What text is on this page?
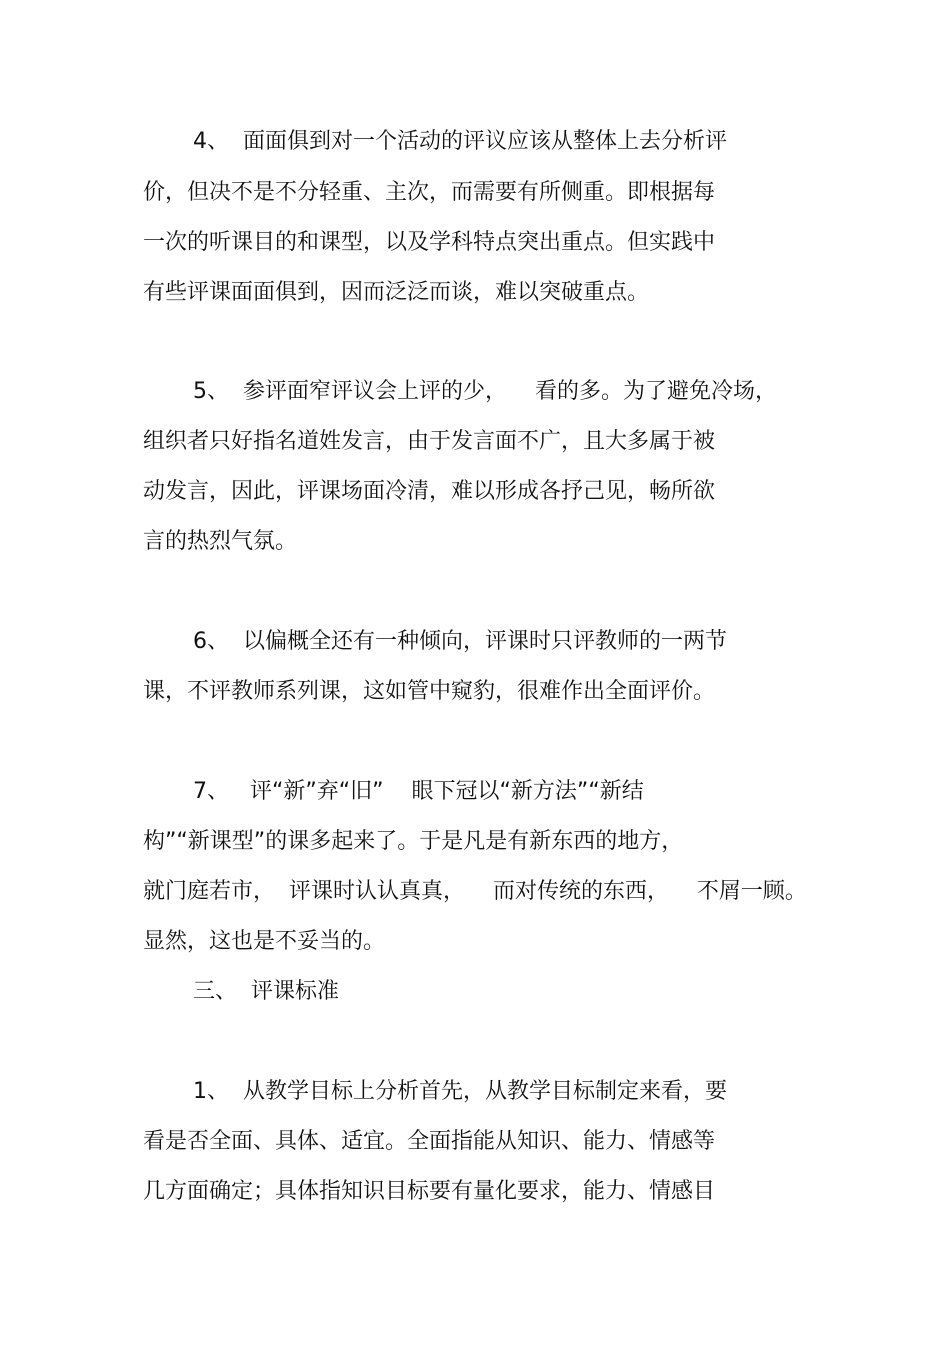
4、  面面俱到对一个活动的评议应该从整体上去分析评
价，但决不是不分轻重、主次，而需要有所侧重。即根据每
一次的听课目的和课型，以及学科特点突出重点。但实践中
有些评课面面俱到，因而泛泛而谈，难以突破重点。
5、  参评面窄评议会上评的少，    看的多。为了避免冷场，
组织者只好指名道姓发言，由于发言面不广，且大多属于被
动发言，因此，评课场面冷清，难以形成各抒己见，畅所欲
言的热烈气氛。
6、  以偏概全还有一种倾向，评课时只评教师的一两节
课，不评教师系列课，这如管中窥豹，很难作出全面评价。
7、   评“新”弃“旧”    眼下冠以“新方法”“新结
构”“新课型”的课多起来了。于是凡是有新东西的地方，
就门庭若市，  评课时认认真真，    而对传统的东西，    不屑一顾。
显然，这也是不妥当的。
三、  评课标准
1、  从教学目标上分析首先，从教学目标制定来看，要
看是否全面、具体、适宜。全面指能从知识、能力、情感等
几方面确定；具体指知识目标要有量化要求，能力、情感目
